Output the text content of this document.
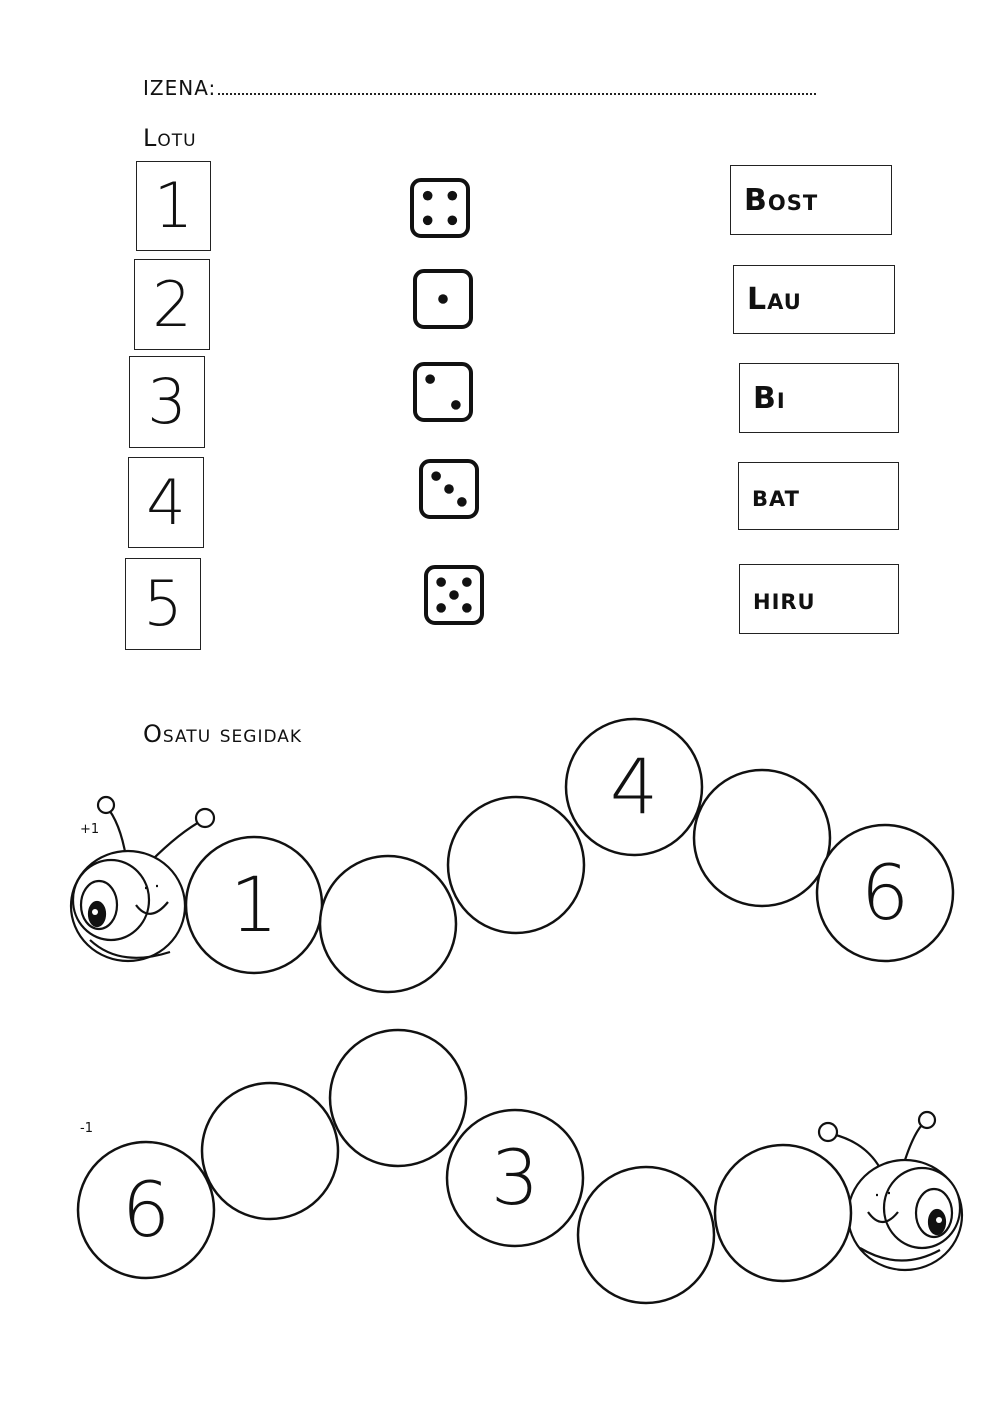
IZENA:
Lotu
1
2
3
4
5
Bost
Lau
Bi
bat
hiru
Osatu segidak
+1
-1
1
4
6
6	3
